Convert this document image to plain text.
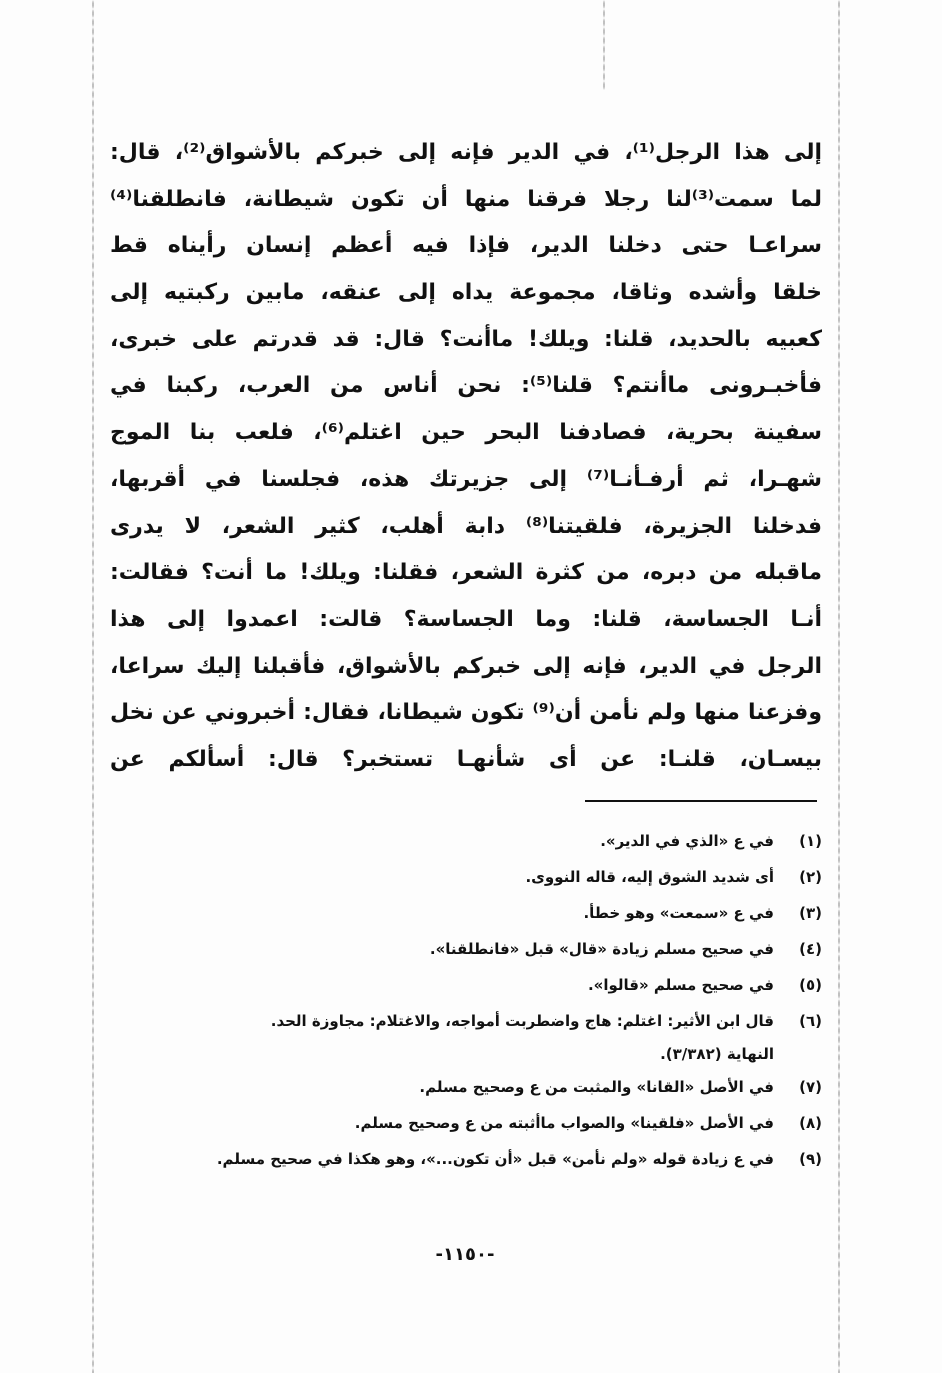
إلى هذا الرجل⁽¹⁾، في الدير فإنه إلى خبركم بالأشواق⁽²⁾، قال:
لما سمت⁽³⁾لنا رجلا فرقنا منها أن تكون شيطانة، فانطلقنا⁽⁴⁾
سراعـا حتى دخلنا الدير، فإذا فيه أعظم إنسان رأيناه قط
خلقا وأشده وثاقا، مجموعة يداه إلى عنقه، مابين ركبتيه إلى
كعبيه بالحديد، قلنا: ويلك! ماأنت؟ قال: قد قدرتم على خبرى،
فأخبـرونى ماأنتم؟ قلنا⁽⁵⁾: نحن أناس من العرب، ركبنا في
سفينة بحرية، فصادفنا البحر حين اغتلم⁽⁶⁾، فلعب بنا الموج
شهـرا، ثم أرفـأنـا⁽⁷⁾ إلى جزيرتك هذه، فجلسنا في أقربها،
فدخلنا الجزيرة، فلقيتنا⁽⁸⁾ دابة أهلب، كثير الشعر، لا يدرى
ماقبله من دبره، من كثرة الشعر، فقلنا: ويلك! ما أنت؟ فقالت:
أنـا الجساسة، قلنا: وما الجساسة؟ قالت: اعمدوا إلى هذا
الرجل في الدير، فإنه إلى خبركم بالأشواق، فأقبلنا إليك سراعا،
وفزعنا منها ولم نأمن أن⁽⁹⁾ تكون شيطانا، فقال: أخبروني عن نخل
بيسـان، قلنـا: عن أى شأنهـا تستخبر؟ قال: أسألكم عن
(١)
في ع «الذي في الدير».
(٢)
أى شديد الشوق إليه، قاله النووى.
(٣)
في ع «سمعت» وهو خطأ.
(٤)
في صحيح مسلم زيادة «قال» قبل «فانطلقنا».
(٥)
في صحيح مسلم «قالوا».
(٦)
قال ابن الأثير: اغتلم: هاج واضطربت أمواجه، والاغتلام: مجاوزة الحد.
النهاية (٣/٣٨٢).
(٧)
في الأصل «القانا» والمثبت من ع وصحيح مسلم.
(٨)
في الأصل «فلقينا» والصواب ماأثبته من ع وصحيح مسلم.
(٩)
في ع زيادة قوله «ولم نأمن» قبل «أن تكون...»، وهو هكذا في صحيح مسلم.
-١١٥٠-
